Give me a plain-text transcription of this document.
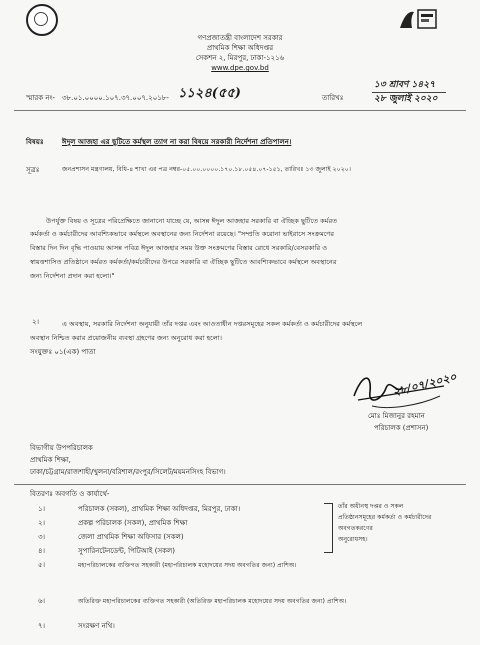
গণপ্রজাতন্ত্রী বাংলাদেশ সরকার
প্রাথমিক শিক্ষা অধিদপ্তর
সেকশন ২, মিরপুর, ঢাকা-১২১৬
www.dpe.gov.bd
স্মারক নং- ৩৮.০১.০০০০.১০৭.৩৭.০০৭.২০১৮- ১১২৪(৫৫)	তারিখঃ
১৩ শ্রাবণ ১৪২৭
২৮ জুলাই ২০২০
বিষয়ঃ	ঈদুল আজহা এর ছুটিতে কর্মস্থল ত্যাগ না করা বিষয়ে সরকারী নির্দেশনা প্রতিপালন।
সূত্রঃ	জনপ্রশাসন মন্ত্রণালয়, বিধি-৪ শাখা এর পত্র নম্বর-০৫.০০.০০০০.১৭০.১৮.০৫৪.০৭-১৫১, তারিখঃ ১৩ জুলাই ২০২০।
উপর্যুক্ত বিষয় ও সূত্রের পরিপ্রেক্ষিতে জানানো যাচ্ছে যে, আসন্ন ঈদুল আজহার সরকারি বা ঐচ্ছিক ছুটিতে কর্মরত
কর্মকর্তা ও কর্মচারীদের আবশ্যিকভাবে কর্মস্থলে অবস্থানের জন্য নির্দেশনা রয়েছে। "সম্প্রতি করোনা ভাইরাসে সংক্রমণের
বিস্তার দিন দিন বৃদ্ধি পাওয়ায় আসন্ন পবিত্র ঈদুল আজহার সময় উক্ত সংক্রমণের বিস্তার রোধে সরকারি/বেসরকারি ও
স্বায়ত্তশাসিত প্রতিষ্ঠানে কর্মরত কর্মকর্তা/কর্মচারীদের উপরে সরকারি বা ঐচ্ছিক ছুটিতে আবশ্যিকভাবে কর্মস্থলে অবস্থানের
জন্য নির্দেশনা প্রদান করা হলো।"
২।	এ অবস্থায়, সরকারি নির্দেশনা অনুযায়ী তাঁর দপ্তর এবং আওতাধীন দপ্তরসমূহের সকল কর্মকর্তা ও কর্মচারীদের কর্মস্থলে
অবস্থান নিশ্চিত করার প্রয়োজনীয় ব্যবস্থা গ্রহণের জন্য অনুরোধ করা হলো।
সংযুক্তঃ ০১(এক) পাতা
২৮/০৭/২০২০
মোঃ মিজানুর রহমান
পরিচালক (প্রশাসন)
বিভাগীয় উপপরিচালক
প্রাথমিক শিক্ষা,
ঢাকা/চট্টগ্রাম/রাজশাহী/খুলনা/বরিশাল/রংপুর/সিলেট/ময়মনসিংহ বিভাগ।
বিতরণঃ অবগতি ও কার্যার্থে-
১।	পরিচালক (সকল), প্রাথমিক শিক্ষা অধিদপ্তর, মিরপুর, ঢাকা।
২।	প্রকল্প পরিচালক (সকল), প্রাথমিক শিক্ষা
৩।	জেলা প্রাথমিক শিক্ষা অফিসার (সকল)
৪।	সুপারিনটেনডেন্ট, পিটিআই (সকল)
৫।	মহাপরিচালকের ব্যক্তিগত সহকারী (মহাপরিচালক মহোদয়ের সদয় অবগতির জন্য) প্রাশিঅ।
৬।	অতিরিক্ত মহাপরিচালকের ব্যক্তিগত সহকারী (অতিরিক্ত মহাপরিচালক মহোদয়ের সদয় অবগতির জন্য) প্রাশিঅ।
৭।	সংরক্ষণ নথি।
তাঁর অধীনস্থ দপ্তর ও সকল
প্রতিষ্ঠানসমূহের কর্মকর্তা ও কর্মচারীদের
অবগতকরণের
অনুরোধসহ।
